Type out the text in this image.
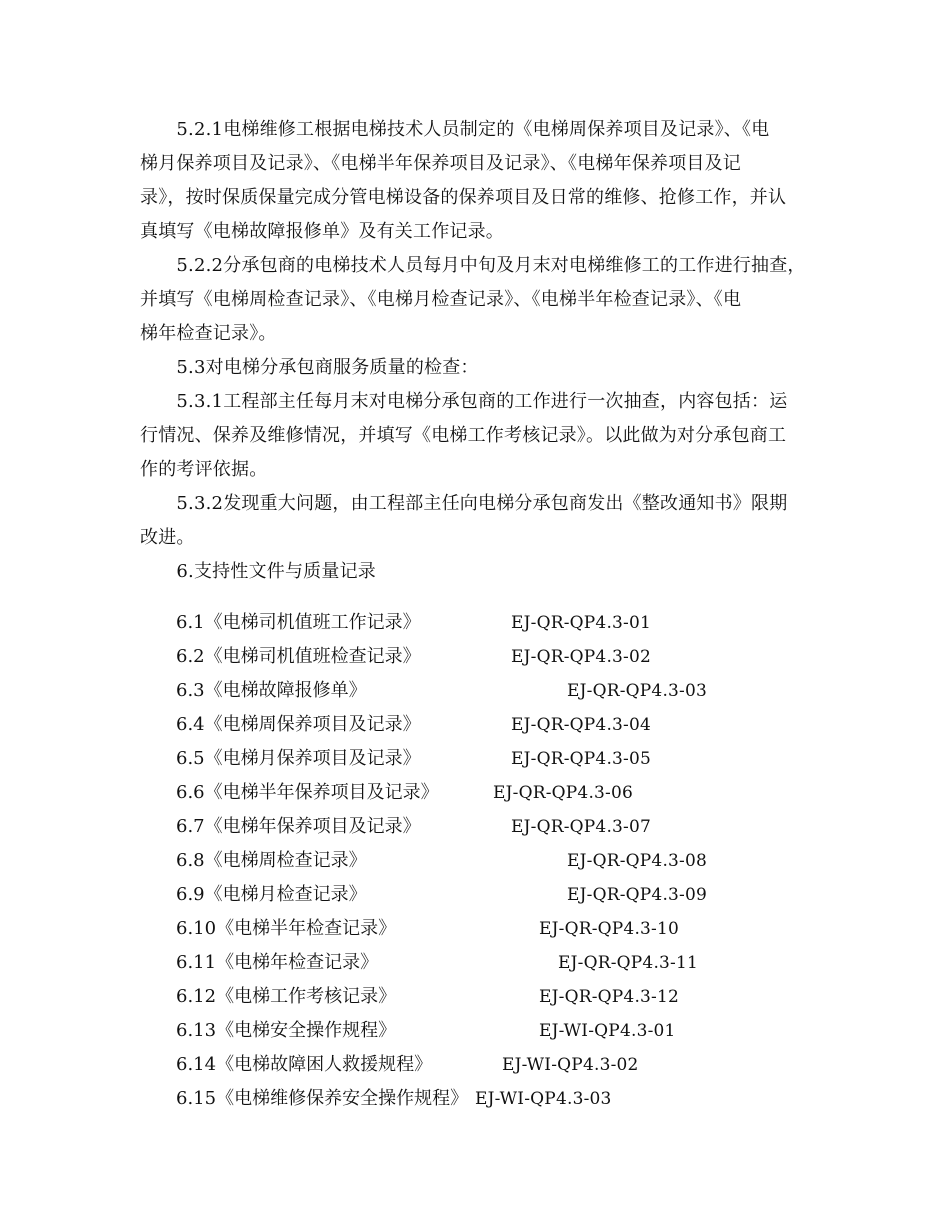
　　5.2.1电梯维修工根据电梯技术人员制定的《电梯周保养项目及记录》、《电
梯月保养项目及记录》、《电梯半年保养项目及记录》、《电梯年保养项目及记
录》，按时保质保量完成分管电梯设备的保养项目及日常的维修、抢修工作，并认
真填写《电梯故障报修单》及有关工作记录。
　　5.2.2分承包商的电梯技术人员每月中旬及月末对电梯维修工的工作进行抽查，
并填写《电梯周检查记录》、《电梯月检查记录》、《电梯半年检查记录》、《电
梯年检查记录》。
　　5.3对电梯分承包商服务质量的检查：
　　5.3.1工程部主任每月末对电梯分承包商的工作进行一次抽查，内容包括：运
行情况、保养及维修情况，并填写《电梯工作考核记录》。以此做为对分承包商工
作的考评依据。
　　5.3.2发现重大问题，由工程部主任向电梯分承包商发出《整改通知书》限期
改进。
　　6.支持性文件与质量记录
6.1《电梯司机值班工作记录》	EJ-QR-QP4.3-01
6.2《电梯司机值班检查记录》	EJ-QR-QP4.3-02
6.3《电梯故障报修单》	EJ-QR-QP4.3-03
6.4《电梯周保养项目及记录》	EJ-QR-QP4.3-04
6.5《电梯月保养项目及记录》	EJ-QR-QP4.3-05
6.6《电梯半年保养项目及记录》	EJ-QR-QP4.3-06
6.7《电梯年保养项目及记录》	EJ-QR-QP4.3-07
6.8《电梯周检查记录》	EJ-QR-QP4.3-08
6.9《电梯月检查记录》	EJ-QR-QP4.3-09
6.10《电梯半年检查记录》	EJ-QR-QP4.3-10
6.11《电梯年检查记录》	EJ-QR-QP4.3-11
6.12《电梯工作考核记录》	EJ-QR-QP4.3-12
6.13《电梯安全操作规程》	EJ-WI-QP4.3-01
6.14《电梯故障困人救援规程》	EJ-WI-QP4.3-02
6.15《电梯维修保养安全操作规程》 EJ-WI-QP4.3-03
